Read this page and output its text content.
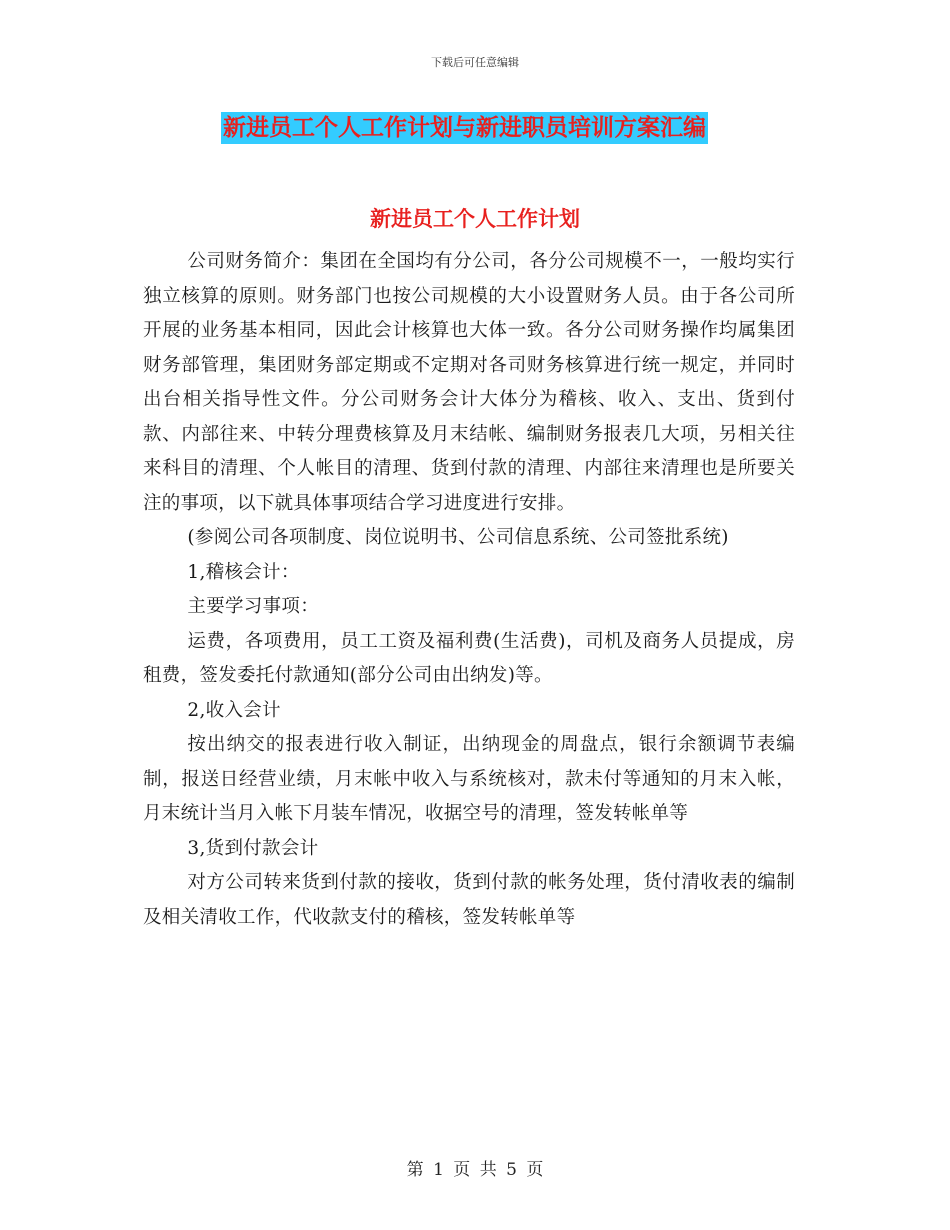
下载后可任意编辑
新进员工个人工作计划与新进职员培训方案汇编
新进员工个人工作计划

公司财务简介：集团在全国均有分公司，各分公司规模不一，一般均实行独立核算的原则。财务部门也按公司规模的大小设置财务人员。由于各公司所开展的业务基本相同，因此会计核算也大体一致。各分公司财务操作均属集团财务部管理，集团财务部定期或不定期对各司财务核算进行统一规定，并同时出台相关指导性文件。分公司财务会计大体分为稽核、收入、支出、货到付款、内部往来、中转分理费核算及月末结帐、编制财务报表几大项，另相关往来科目的清理、个人帐目的清理、货到付款的清理、内部往来清理也是所要关注的事项，以下就具体事项结合学习进度进行安排。

(参阅公司各项制度、岗位说明书、公司信息系统、公司签批系统)

1,稽核会计：

主要学习事项：

运费，各项费用，员工工资及福利费(生活费)，司机及商务人员提成，房租费，签发委托付款通知(部分公司由出纳发)等。

2,收入会计

按出纳交的报表进行收入制证，出纳现金的周盘点，银行余额调节表编制，报送日经营业绩，月末帐中收入与系统核对，款未付等通知的月末入帐，月末统计当月入帐下月装车情况，收据空号的清理，签发转帐单等

3,货到付款会计

对方公司转来货到付款的接收，货到付款的帐务处理，货付清收表的编制及相关清收工作，代收款支付的稽核，签发转帐单等

第 1 页 共 5 页
